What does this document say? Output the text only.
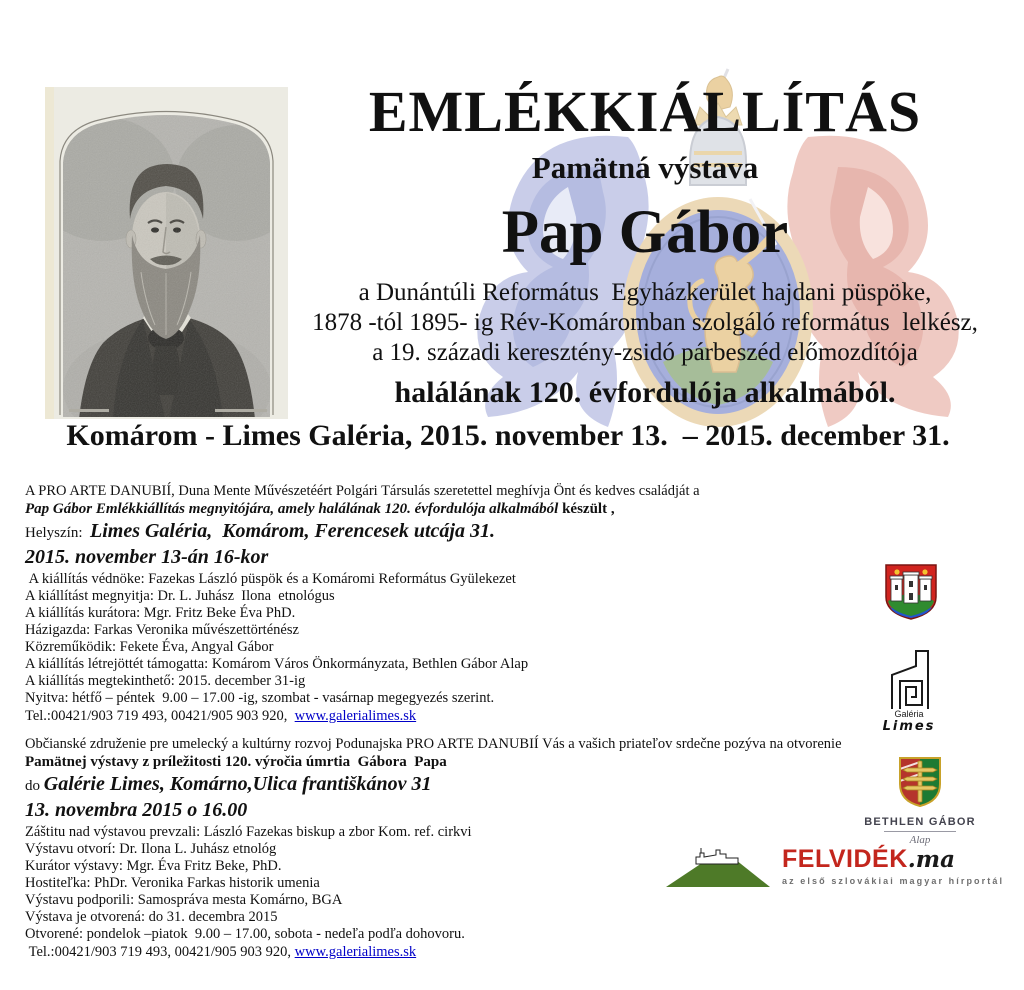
EMLÉKKIÁLLÍTÁS
Pamätná výstava
Pap Gábor
a Dunántúli Református  Egyházkerület hajdani püspöke,
1878 -tól 1895- ig Rév-Komáromban szolgáló református  lelkész,
a 19. századi keresztény-zsidó párbeszéd előmozdítója
halálának 120. évfordulója alkalmából.
Komárom - Limes Galéria, 2015. november 13.  – 2015. december 31.
A PRO ARTE DANUBIÍ, Duna Mente Művészetéért Polgári Társulás szeretettel meghívja Önt és kedves családját a
Pap Gábor Emlékkiállítás megnyitójára, amely halálának 120. évfordulója alkalmából készült ,
Helyszín:  Limes Galéria,  Komárom, Ferencesek utcája 31.
2015. november 13-án 16-kor
A kiállítás védnöke: Fazekas László püspök és a Komáromi Református Gyülekezet
A kiállítást megnyitja: Dr. L. Juhász  Ilona  etnológus
A kiállítás kurátora: Mgr. Fritz Beke Éva PhD.
Házigazda: Farkas Veronika művészettörténész
Közreműködik: Fekete Éva, Angyal Gábor
A kiállítás létrejöttét támogatta: Komárom Város Önkormányzata, Bethlen Gábor Alap
A kiállítás megtekinthető: 2015. december 31-ig
Nyitva: hétfő – péntek  9.00 – 17.00 -ig, szombat - vasárnap megegyezés szerint.
Tel.:00421/903 719 493, 00421/905 903 920,  www.galerialimes.sk
Občianské združenie pre umelecký a kultúrny rozvoj Podunajska PRO ARTE DANUBIÍ Vás a vašich priateľov srdečne pozýva na otvorenie
Pamätnej výstavy z príležitosti 120. výročia úmrtia  Gábora  Papa
do Galérie Limes, Komárno,Ulica františkánov 31
13. novembra 2015 o 16.00
Záštitu nad výstavou prevzali: László Fazekas biskup a zbor Kom. ref. cirkvi
Výstavu otvorí: Dr. Ilona L. Juhász etnológ
Kurátor výstavy: Mgr. Éva Fritz Beke, PhD.
Hostiteľka: PhDr. Veronika Farkas historik umenia
Výstavu podporili: Samospráva mesta Komárno, BGA
Výstava je otvorená: do 31. decembra 2015
Otvorené: pondelok –piatok  9.00 – 17.00, sobota - nedeľa podľa dohovoru.
Tel.:00421/903 719 493, 00421/905 903 920, www.galerialimes.sk
Galéria
Limes
BETHLEN GÁBOR
Alap
FELVIDÉK .ma
az első szlovákiai magyar hírportál
